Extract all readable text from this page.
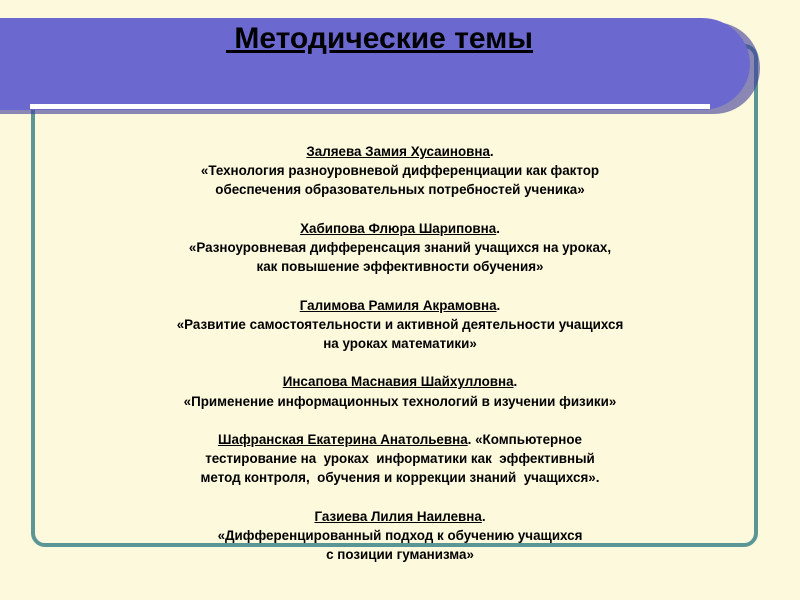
Методические темы
Заляева Замия Хусаиновна.
«Технология разноуровневой дифференциации как фактор
обеспечения образовательных потребностей ученика»
Хабипова Флюра Шариповна.
«Разноуровневая дифференсация знаний учащихся на уроках,
как повышение эффективности обучения»
Галимова Рамиля Акрамовна.
«Развитие самостоятельности и активной деятельности учащихся
на уроках математики»
Инсапова Маснавия Шайхулловна.
«Применение информационных технологий в изучении физики»
Шафранская Екатерина Анатольевна. «Компьютерное
тестирование на  уроках  информатики как  эффективный
метод контроля,  обучения и коррекции знаний  учащихся».
Газиева Лилия Наилевна.
«Дифференцированный подход к обучению учащихся
с позиции гуманизма»
